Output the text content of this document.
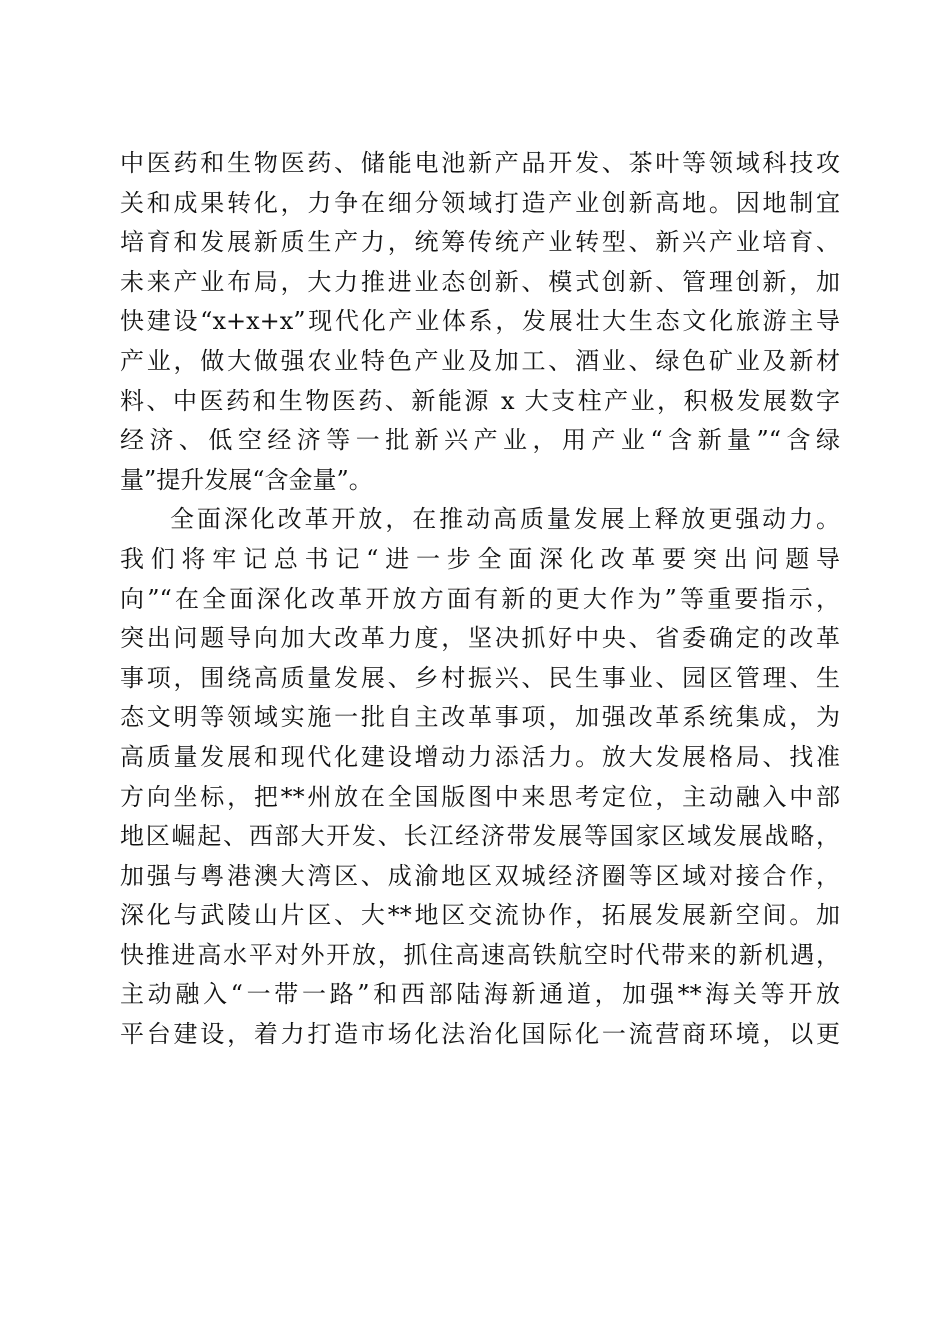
中医药和生物医药、储能电池新产品开发、茶叶等领域科技攻
关和成果转化，力争在细分领域打造产业创新高地。因地制宜
培育和发展新质生产力，统筹传统产业转型、新兴产业培育、
未来产业布局，大力推进业态创新、模式创新、管理创新，加
快建设“x+x+x”现代化产业体系，发展壮大生态文化旅游主导
产业，做大做强农业特色产业及加工、酒业、绿色矿业及新材
料、中医药和生物医药、新能源 x 大支柱产业，积极发展数字
经济、低空经济等一批新兴产业，用产业“含新量”“含绿
量”提升发展“含金量”。
全面深化改革开放，在推动高质量发展上释放更强动力。
我们将牢记总书记“进一步全面深化改革要突出问题导
向”“在全面深化改革开放方面有新的更大作为”等重要指示，
突出问题导向加大改革力度，坚决抓好中央、省委确定的改革
事项，围绕高质量发展、乡村振兴、民生事业、园区管理、生
态文明等领域实施一批自主改革事项，加强改革系统集成，为
高质量发展和现代化建设增动力添活力。放大发展格局、找准
方向坐标，把**州放在全国版图中来思考定位，主动融入中部
地区崛起、西部大开发、长江经济带发展等国家区域发展战略，
加强与粤港澳大湾区、成渝地区双城经济圈等区域对接合作，
深化与武陵山片区、大**地区交流协作，拓展发展新空间。加
快推进高水平对外开放，抓住高速高铁航空时代带来的新机遇，
主动融入“一带一路”和西部陆海新通道，加强**海关等开放
平台建设，着力打造市场化法治化国际化一流营商环境，以更
